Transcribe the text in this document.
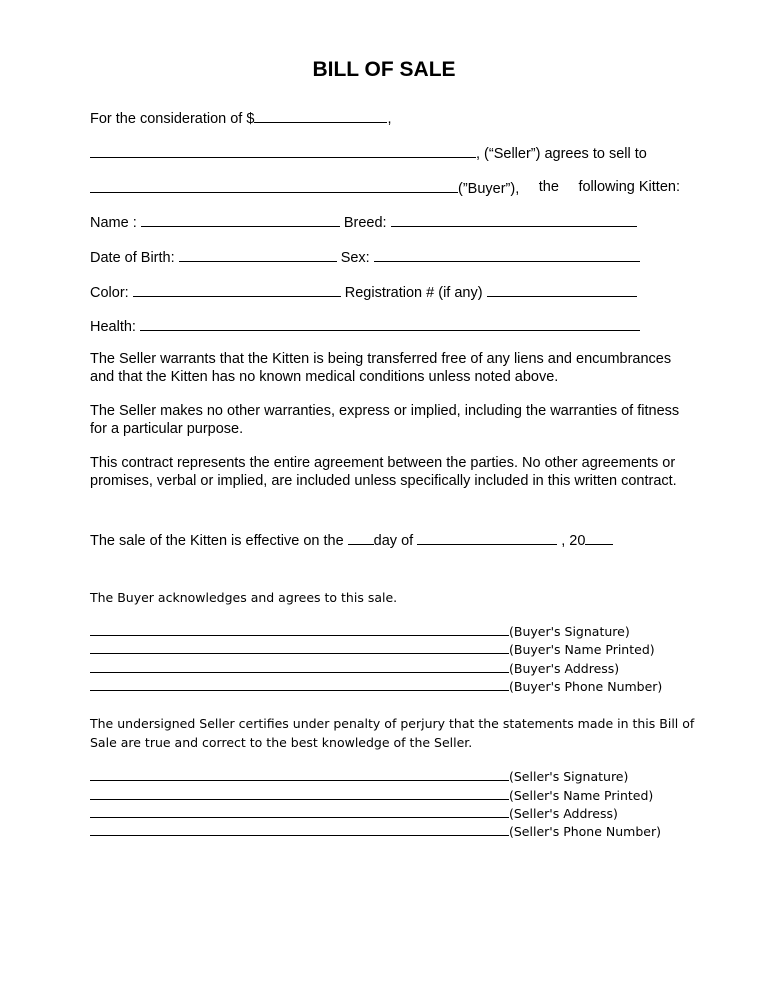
BILL OF SALE
For the consideration of $	,
, (“Seller”) agrees to sell to
(”Buyer”), the following Kitten:
Name :	Breed:
Date of Birth:	Sex:
Color:	Registration # (if any)
Health:
The Seller warrants that the Kitten is being transferred free of any liens and encumbrances and that the Kitten has no known medical conditions unless noted above.
The Seller makes no other warranties, express or implied, including the warranties of fitness for a particular purpose.
This contract represents the entire agreement between the parties. No other agreements or promises, verbal or implied, are included unless specifically included in this written contract.
The sale of the Kitten is effective on the day of	, 20
The Buyer acknowledges and agrees to this sale.
(Buyer's Signature)
(Buyer's Name Printed)
(Buyer's Address)
(Buyer's Phone Number)
The undersigned Seller certifies under penalty of perjury that the statements made in this Bill of Sale are true and correct to the best knowledge of the Seller.
(Seller's Signature)
(Seller's Name Printed)
(Seller's Address)
(Seller's Phone Number)
